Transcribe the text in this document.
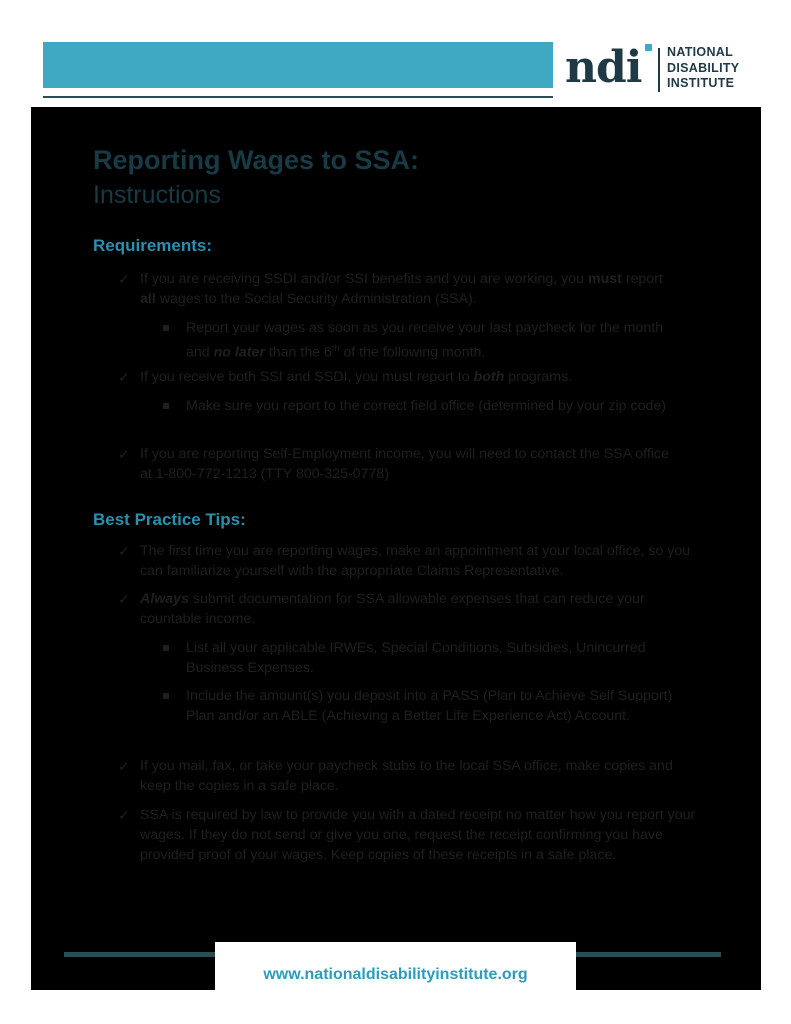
ndi NATIONAL
DISABILITY
INSTITUTE
Reporting Wages to SSA:
Instructions
Requirements:
✓ If you are receiving SSDI and/or SSI benefits and you are working, you must report all wages to the Social Security Administration (SSA).
Report your wages as soon as you receive your last paycheck for the month and no later than the 6th of the following month.
✓ If you receive both SSI and SSDI, you must report to both programs.
Make sure you report to the correct field office (determined by your zip code)
✓ If you are reporting Self-Employment income, you will need to contact the SSA office at 1-800-772-1213 (TTY 800-325-0778)
Best Practice Tips:
✓ The first time you are reporting wages, make an appointment at your local office, so you can familiarize yourself with the appropriate Claims Representative.
✓ Always submit documentation for SSA allowable expenses that can reduce your countable income.
List all your applicable IRWEs, Special Conditions, Subsidies, Unincurred Business Expenses.
Include the amount(s) you deposit into a PASS (Plan to Achieve Self Support) Plan and/or an ABLE (Achieving a Better Life Experience Act) Account.
✓ If you mail, fax, or take your paycheck stubs to the local SSA office, make copies and keep the copies in a safe place.
✓ SSA is required by law to provide you with a dated receipt no matter how you report your wages. If they do not send or give you one, request the receipt confirming you have provided proof of your wages. Keep copies of these receipts in a safe place.
www.nationaldisabilityinstitute.org
